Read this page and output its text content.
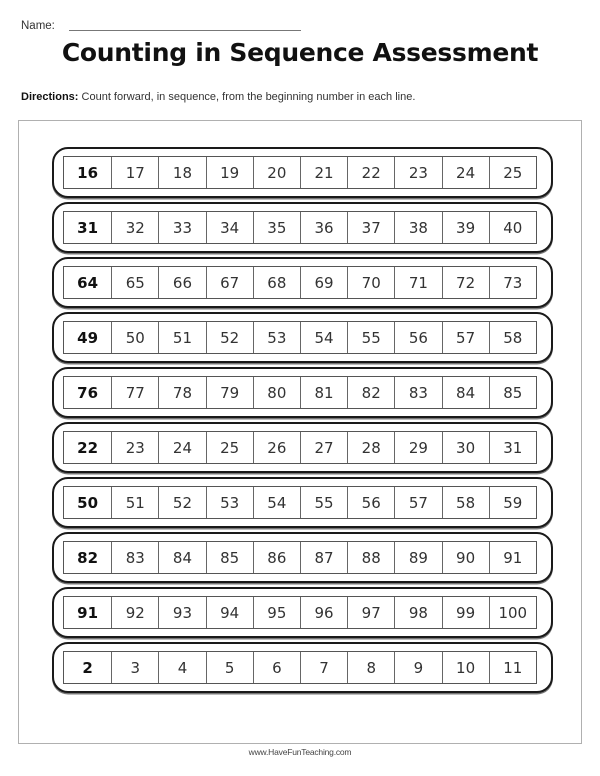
Name:
Counting in Sequence Assessment

Directions: Count forward, in sequence, from the beginning number in each line.

16	17	18	19	20	21	22	23	24	25
31	32	33	34	35	36	37	38	39	40
64	65	66	67	68	69	70	71	72	73
49	50	51	52	53	54	55	56	57	58
76	77	78	79	80	81	82	83	84	85
22	23	24	25	26	27	28	29	30	31
50	51	52	53	54	55	56	57	58	59
82	83	84	85	86	87	88	89	90	91
91	92	93	94	95	96	97	98	99	100
2	3	4	5	6	7	8	9	10	11
www.HaveFunTeaching.com
